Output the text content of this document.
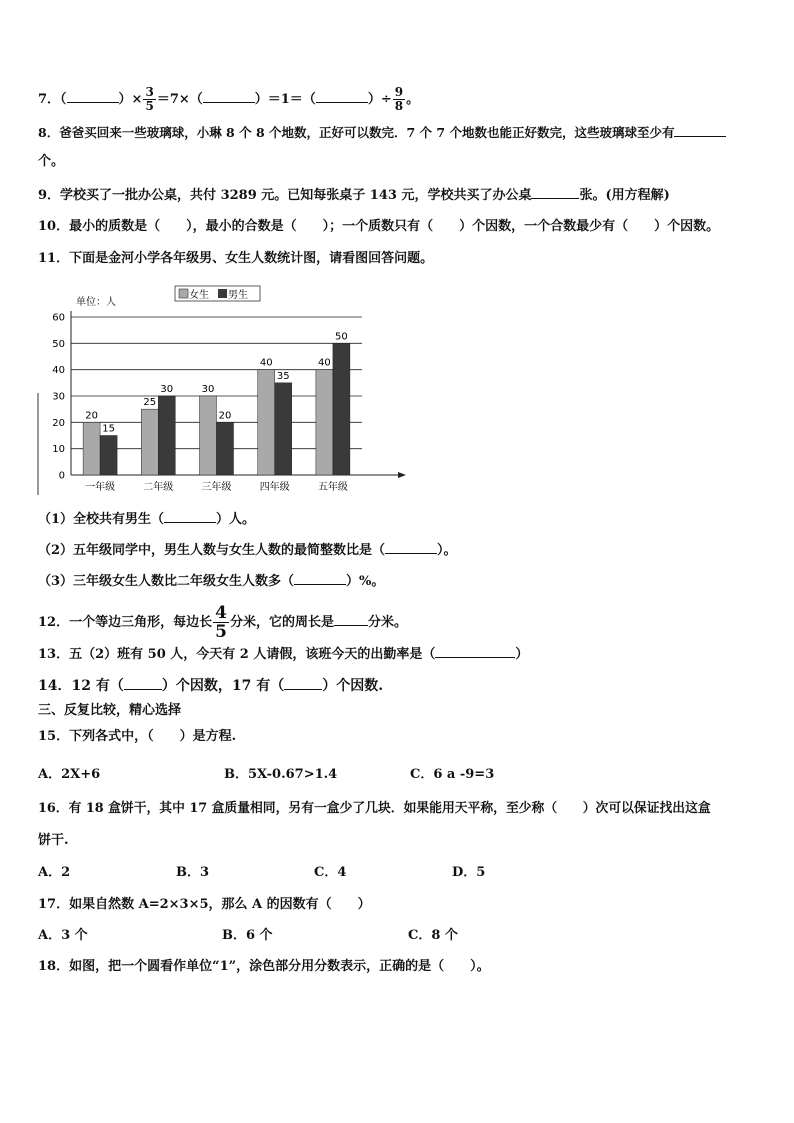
7．（	）× $\frac{3}{5} =7\times$（	）＝1＝（	）÷ $\frac{9}{8}$ 。
8．爸爸买回来一些玻璃球，小琳 8 个 8 个地数，正好可以数完．7 个 7 个地数也能正好数完，这些玻璃球至少有
个。
9．学校买了一批办公桌，共付 3289 元。已知每张桌子 143 元，学校共买了办公桌	张。(用方程解)
10．最小的质数是（　　），最小的合数是（　　）；一个质数只有（　　）个因数，一个合数最少有（　　）个因数。
11．下面是金河小学各年级男、女生人数统计图，请看图回答问题。
0
10
20
30
40
50
60
20
15
一年级
25
30
二年级
30
20
三年级
40
35
四年级
40
50
五年级
女生 男生
单位：人
（1）全校共有男生（	）人。
（2）五年级同学中，男生人数与女生人数的最简整数比是（	）。
（3）三年级女生人数比二年级女生人数多（	）%。
12．一个等边三角形，每边长 $\frac{4}{5}$ 分米，它的周长是	分米。
13．五（2）班有 50 人，今天有 2 人请假，该班今天的出勤率是（	）
14．12 有（	）个因数，17 有（	）个因数.
三、反复比较，精心选择
15．下列各式中，（　　）是方程.
A．2X+6	B．5X-0.67>1.4	C．6 a -9=3
16．有 18 盒饼干，其中 17 盒质量相同，另有一盒少了几块．如果能用天平称，至少称（　　）次可以保证找出这盒
饼干.
A．2	B．3	C．4	D．5
17．如果自然数 A=2×3×5，那么 A 的因数有（　　）
A．3 个	B．6 个	C．8 个
18．如图，把一个圆看作单位“1”，涂色部分用分数表示，正确的是（　　）。
